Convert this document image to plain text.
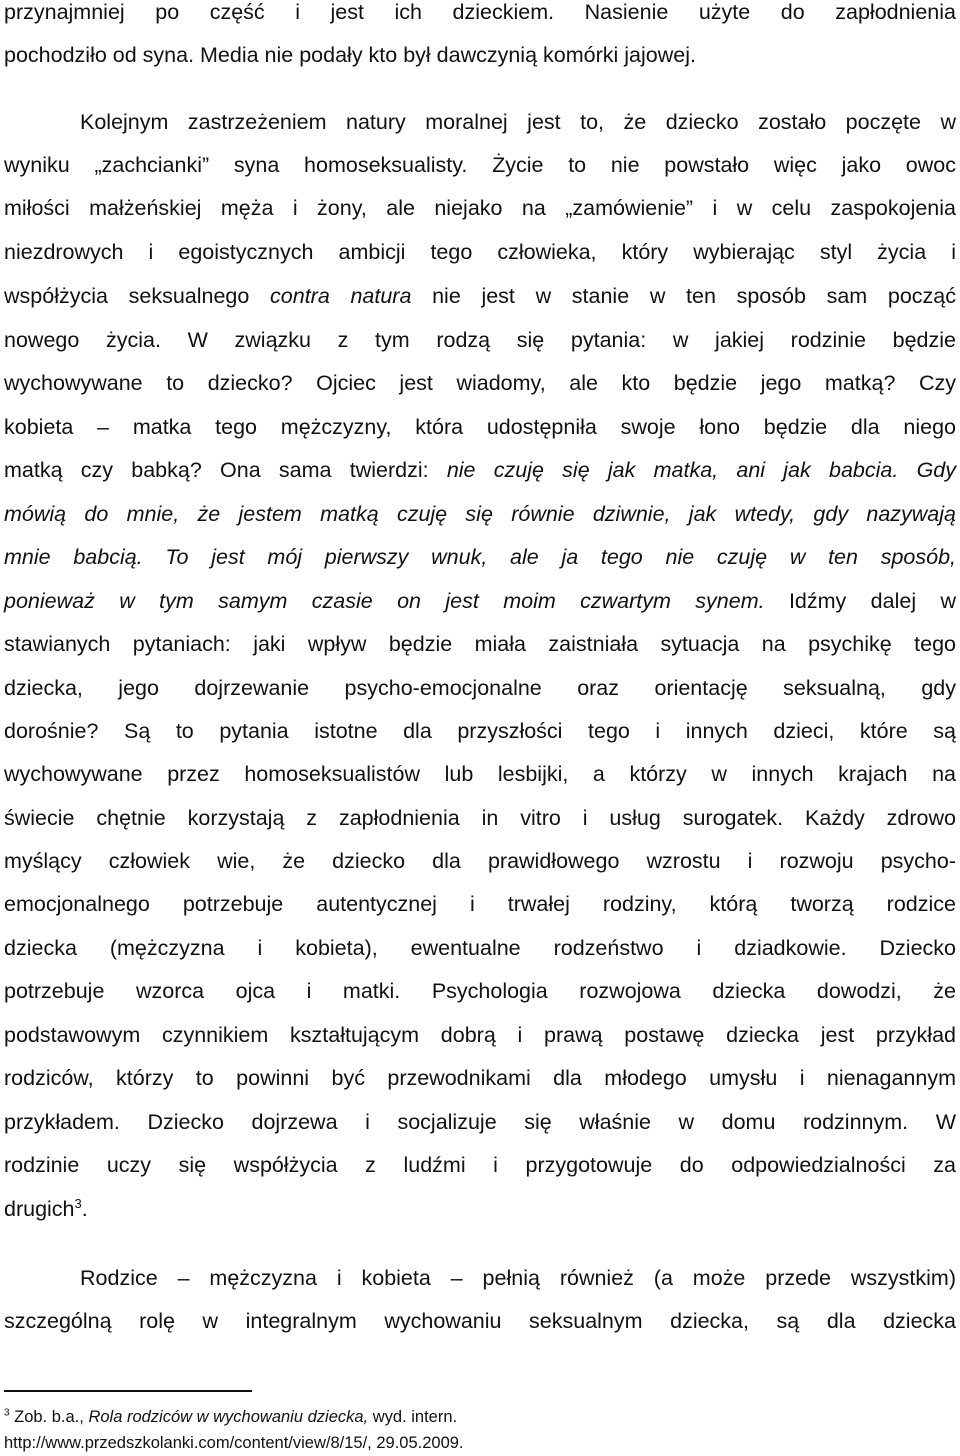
przynajmniej po część i jest ich dzieckiem. Nasienie użyte do zapłodnienia
pochodziło od syna. Media nie podały kto był dawczynią komórki jajowej.
Kolejnym zastrzeżeniem natury moralnej jest to, że dziecko zostało poczęte w
wyniku „zachcianki” syna homoseksualisty. Życie to nie powstało więc jako owoc
miłości małżeńskiej męża i żony, ale niejako na „zamówienie” i w celu zaspokojenia
niezdrowych i egoistycznych ambicji tego człowieka, który wybierając styl życia i
współżycia seksualnego contra natura nie jest w stanie w ten sposób sam począć
nowego życia. W związku z tym rodzą się pytania: w jakiej rodzinie będzie
wychowywane to dziecko? Ojciec jest wiadomy, ale kto będzie jego matką? Czy
kobieta – matka tego mężczyzny, która udostępniła swoje łono będzie dla niego
matką czy babką? Ona sama twierdzi: nie czuję się jak matka, ani jak babcia. Gdy
mówią do mnie, że jestem matką czuję się równie dziwnie, jak wtedy, gdy nazywają
mnie babcią. To jest mój pierwszy wnuk, ale ja tego nie czuję w ten sposób,
ponieważ w tym samym czasie on jest moim czwartym synem. Idźmy dalej w
stawianych pytaniach: jaki wpływ będzie miała zaistniała sytuacja na psychikę tego
dziecka, jego dojrzewanie psycho-emocjonalne oraz orientację seksualną, gdy
dorośnie? Są to pytania istotne dla przyszłości tego i innych dzieci, które są
wychowywane przez homoseksualistów lub lesbijki, a którzy w innych krajach na
świecie chętnie korzystają z zapłodnienia in vitro i usług surogatek. Każdy zdrowo
myślący człowiek wie, że dziecko dla prawidłowego wzrostu i rozwoju psycho-
emocjonalnego potrzebuje autentycznej i trwałej rodziny, którą tworzą rodzice
dziecka (mężczyzna i kobieta), ewentualne rodzeństwo i dziadkowie. Dziecko
potrzebuje wzorca ojca i matki. Psychologia rozwojowa dziecka dowodzi, że
podstawowym czynnikiem kształtującym dobrą i prawą postawę dziecka jest przykład
rodziców, którzy to powinni być przewodnikami dla młodego umysłu i nienagannym
przykładem. Dziecko dojrzewa i socjalizuje się właśnie w domu rodzinnym. W
rodzinie uczy się współżycia z ludźmi i przygotowuje do odpowiedzialności za
drugich$^3$.
Rodzice – mężczyzna i kobieta – pełnią również (a może przede wszystkim)
szczególną rolę w integralnym wychowaniu seksualnym dziecka, są dla dziecka
$^3$ Zob. b.a., Rola rodziców w wychowaniu dziecka, wyd. intern.
http://www.przedszkolanki.com/content/view/8/15/, 29.05.2009.
